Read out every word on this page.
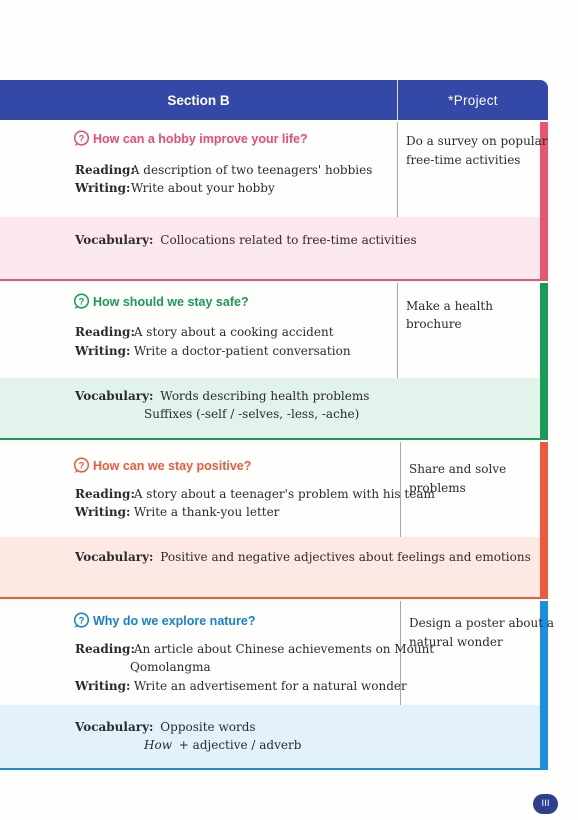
Section B	*Project
? How can a hobby improve your life?
Reading: A description of two teenagers' hobbies
Writing: Write about your hobby
Vocabulary: Collocations related to free-time activities
Do a survey on popular
free-time activities
? How should we stay safe?
Reading: A story about a cooking accident
Writing: Write a doctor-patient conversation
Vocabulary: Words describing health problems
Suffixes (-self / -selves, -less, -ache)
Make a health
brochure
? How can we stay positive?
Reading: A story about a teenager's problem with his team
Writing: Write a thank-you letter
Vocabulary: Positive and negative adjectives about feelings and emotions
Share and solve
problems
? Why do we explore nature?
Reading: An article about Chinese achievements on Mount
Qomolangma
Writing: Write an advertisement for a natural wonder
Vocabulary: Opposite words
How + adjective / adverb
Design a poster about a
natural wonder
III
